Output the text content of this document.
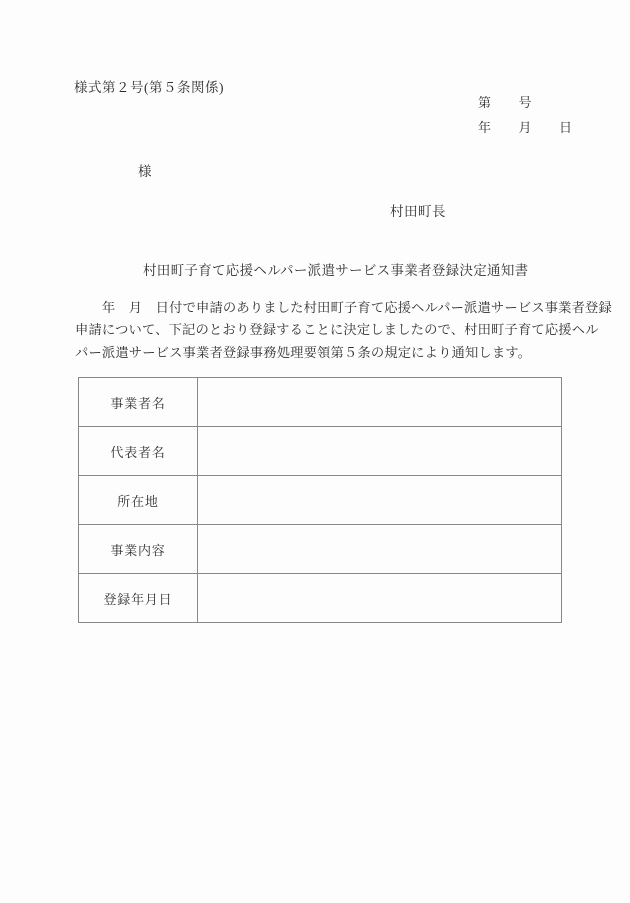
様式第２号(第５条関係)
第　　号
年　　月　　日
様
村田町長
村田町子育て応援ヘルパー派遣サービス事業者登録決定通知書
　　年　月　日付で申請のありました村田町子育て応援ヘルパー派遣サービス事業者登録
申請について、下記のとおり登録することに決定しましたので、村田町子育て応援ヘル
パー派遣サービス事業者登録事務処理要領第５条の規定により通知します。
事業者名	
代表者名	
所在地	
事業内容	
登録年月日	
